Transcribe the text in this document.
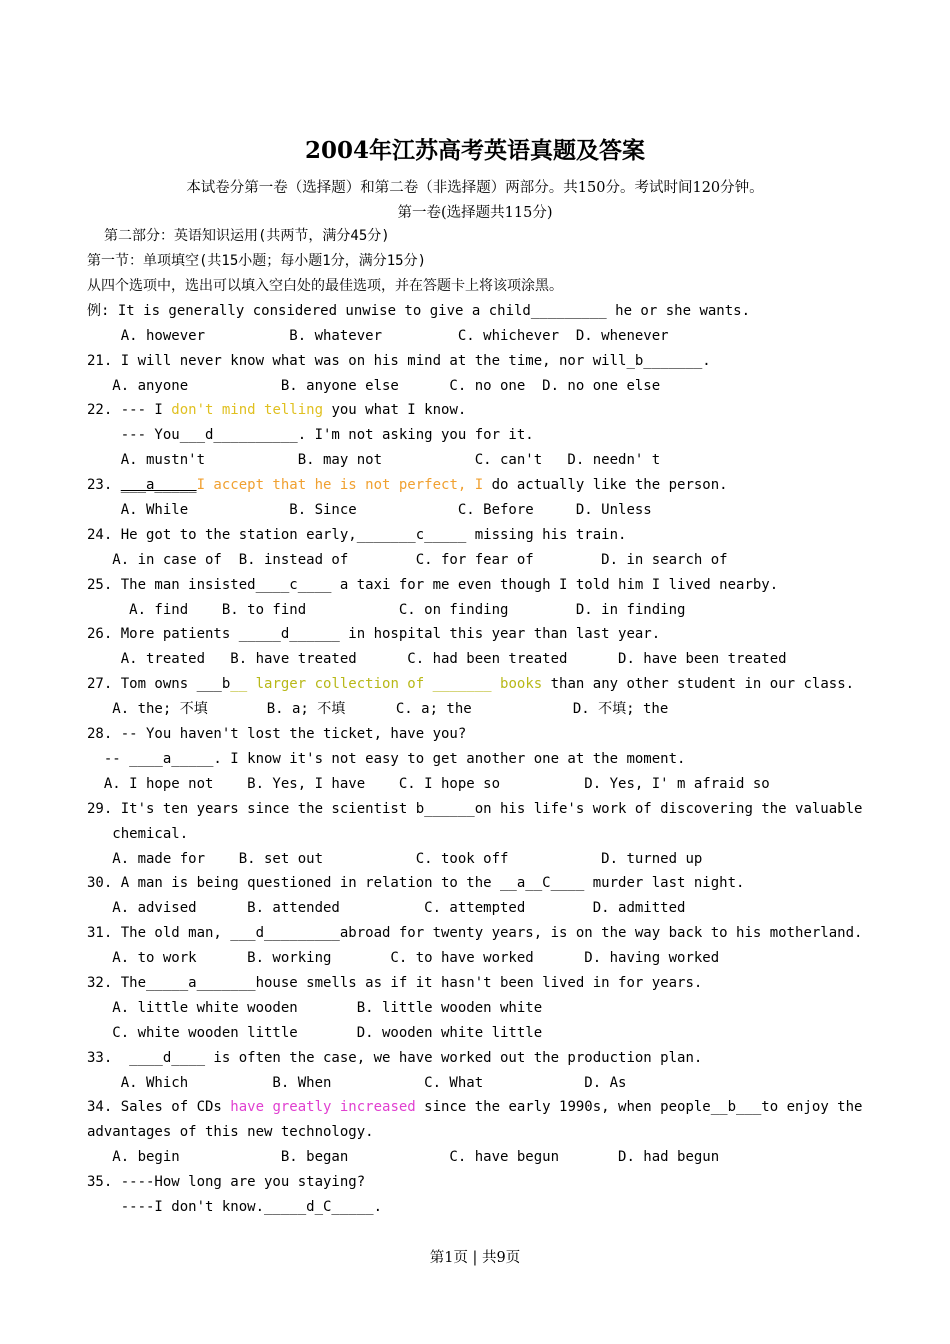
2004年江苏高考英语真题及答案
本试卷分第一卷（选择题）和第二卷（非选择题）两部分。共150分。考试时间120分钟。
第一卷(选择题共115分)
第二部分：英语知识运用(共两节，满分45分)
第一节：单项填空(共15小题；每小题1分，满分15分)
从四个选项中，选出可以填入空白处的最佳选项，并在答题卡上将该项涂黑。
例: It is generally considered unwise to give a child_________ he or she wants.
A. however          B. whatever         C. whichever  D. whenever
21. I will never know what was on his mind at the time, nor will_b_______.
A. anyone           B. anyone else      C. no one  D. no one else
22. --- I don't mind telling you what I know.
--- You___d__________. I'm not asking you for it.
A. mustn't           B. may not           C. can't   D. needn' t
23. ___a_____I accept that he is not perfect, I do actually like the person.
A. While            B. Since            C. Before     D. Unless
24. He got to the station early,_______c_____ missing his train.
A. in case of  B. instead of        C. for fear of        D. in search of
25. The man insisted____c____ a taxi for me even though I told him I lived nearby.
A. find    B. to find           C. on finding        D. in finding
26. More patients _____d______ in hospital this year than last year.
A. treated   B. have treated      C. had been treated      D. have been treated
27. Tom owns ___b__ larger collection of _______ books than any other student in our class.
A. the; 不填       B. a; 不填      C. a; the            D. 不填; the
28. -- You haven't lost the ticket, have you?
-- ____a_____. I know it's not easy to get another one at the moment.
A. I hope not    B. Yes, I have    C. I hope so          D. Yes, I' m afraid so
29. It's ten years since the scientist b______on his life's work of discovering the valuable
chemical.
A. made for    B. set out           C. took off           D. turned up
30. A man is being questioned in relation to the __a__C____ murder last night.
A. advised      B. attended          C. attempted        D. admitted
31. The old man, ___d_________abroad for twenty years, is on the way back to his motherland.
A. to work      B. working       C. to have worked      D. having worked
32. The_____a_______house smells as if it hasn't been lived in for years.
A. little white wooden       B. little wooden white
C. white wooden little       D. wooden white little
33.  ____d____ is often the case, we have worked out the production plan.
A. Which          B. When           C. What            D. As
34. Sales of CDs have greatly increased since the early 1990s, when people__b___to enjoy the
advantages of this new technology.
A. begin            B. began            C. have begun       D. had begun
35. ----How long are you staying?
----I don't know._____d_C_____.
第1页 | 共9页
